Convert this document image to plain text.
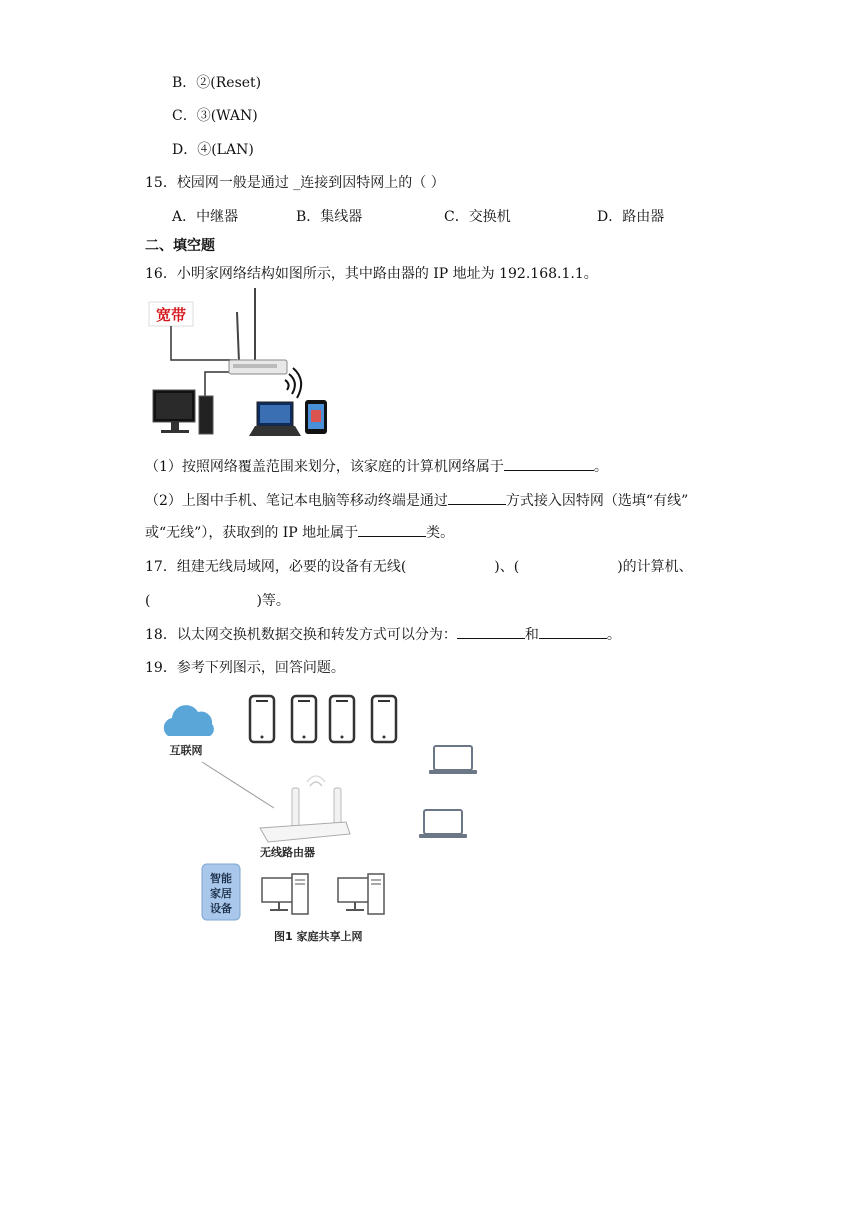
B．②(Reset)
C．③(WAN)
D．④(LAN)
15．校园网一般是通过 _连接到因特网上的（ ）
A．中继器	B．集线器	C．交换机	D．路由器
二、填空题
16．小明家网络结构如图所示，其中路由器的 IP 地址为 192.168.1.1。
宽带
（1）按照网络覆盖范围来划分，该家庭的计算机网络属于	。
（2）上图中手机、笔记本电脑等移动终端是通过	方式接入因特网（选填“有线”
或“无线”），获取到的 IP 地址属于	类。
17．组建无线局域网，必要的设备有无线(	)、(	)的计算机、
(	)等。
18．以太网交换机数据交换和转发方式可以分为：	和	。
19．参考下列图示，回答问题。
互联网
无线路由器
智能
家居
设备
图1 家庭共享上网
